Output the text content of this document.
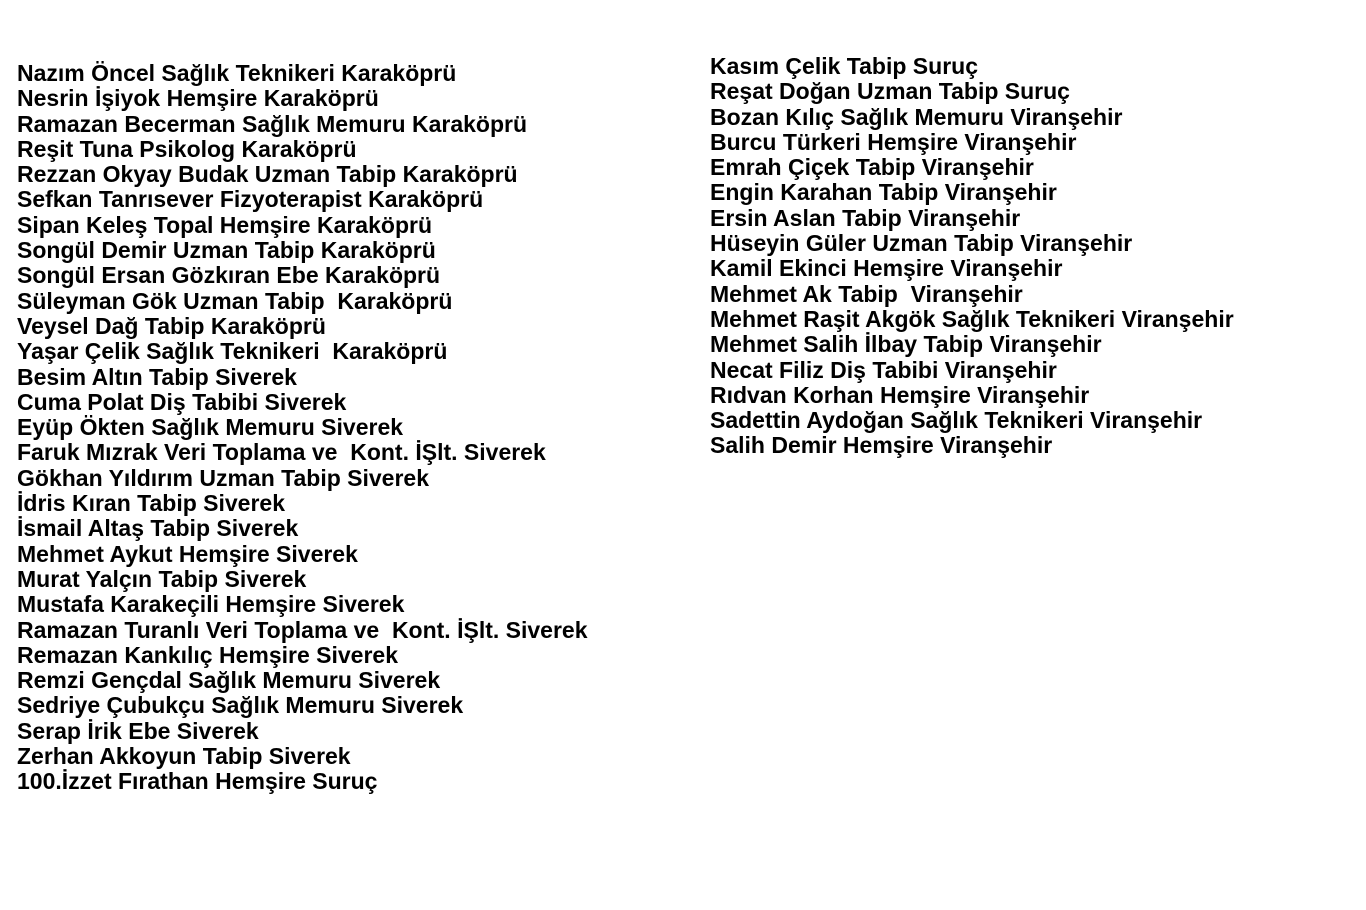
Nazım Öncel Sağlık Teknikeri Karaköprü
Nesrin İşiyok Hemşire Karaköprü
Ramazan Becerman Sağlık Memuru Karaköprü
Reşit Tuna Psikolog Karaköprü
Rezzan Okyay Budak Uzman Tabip Karaköprü
Sefkan Tanrısever Fizyoterapist Karaköprü
Sipan Keleş Topal Hemşire Karaköprü
Songül Demir Uzman Tabip Karaköprü
Songül Ersan Gözkıran Ebe Karaköprü
Süleyman Gök Uzman Tabip  Karaköprü
Veysel Dağ Tabip Karaköprü
Yaşar Çelik Sağlık Teknikeri  Karaköprü
Besim Altın Tabip Siverek
Cuma Polat Diş Tabibi Siverek
Eyüp Ökten Sağlık Memuru Siverek
Faruk Mızrak Veri Toplama ve  Kont. İŞlt. Siverek
Gökhan Yıldırım Uzman Tabip Siverek
İdris Kıran Tabip Siverek
İsmail Altaş Tabip Siverek
Mehmet Aykut Hemşire Siverek
Murat Yalçın Tabip Siverek
Mustafa Karakeçili Hemşire Siverek
Ramazan Turanlı Veri Toplama ve  Kont. İŞlt. Siverek
Remazan Kankılıç Hemşire Siverek
Remzi Gençdal Sağlık Memuru Siverek
Sedriye Çubukçu Sağlık Memuru Siverek
Serap İrik Ebe Siverek
Zerhan Akkoyun Tabip Siverek
100.İzzet Fırathan Hemşire Suruç
Kasım Çelik Tabip Suruç
Reşat Doğan Uzman Tabip Suruç
Bozan Kılıç Sağlık Memuru Viranşehir
Burcu Türkeri Hemşire Viranşehir
Emrah Çiçek Tabip Viranşehir
Engin Karahan Tabip Viranşehir
Ersin Aslan Tabip Viranşehir
Hüseyin Güler Uzman Tabip Viranşehir
Kamil Ekinci Hemşire Viranşehir
Mehmet Ak Tabip  Viranşehir
Mehmet Raşit Akgök Sağlık Teknikeri Viranşehir
Mehmet Salih İlbay Tabip Viranşehir
Necat Filiz Diş Tabibi Viranşehir
Rıdvan Korhan Hemşire Viranşehir
Sadettin Aydoğan Sağlık Teknikeri Viranşehir
Salih Demir Hemşire Viranşehir
